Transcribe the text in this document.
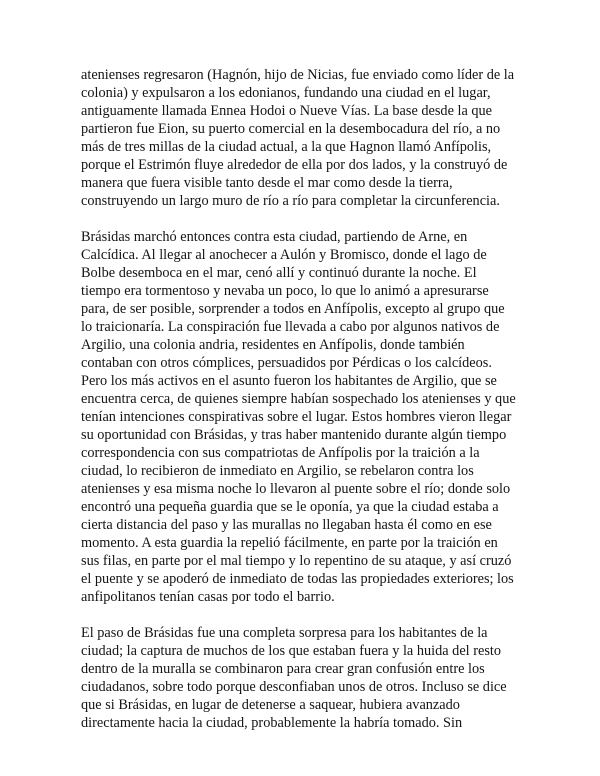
atenienses regresaron (Hagnón, hijo de Nicias, fue enviado como líder de la
colonia) y expulsaron a los edonianos, fundando una ciudad en el lugar,
antiguamente llamada Ennea Hodoi o Nueve Vías. La base desde la que
partieron fue Eion, su puerto comercial en la desembocadura del río, a no
más de tres millas de la ciudad actual, a la que Hagnon llamó Anfípolis,
porque el Estrimón fluye alrededor de ella por dos lados, y la construyó de
manera que fuera visible tanto desde el mar como desde la tierra,
construyendo un largo muro de río a río para completar la circunferencia.
Brásidas marchó entonces contra esta ciudad, partiendo de Arne, en
Calcídica. Al llegar al anochecer a Aulón y Bromisco, donde el lago de
Bolbe desemboca en el mar, cenó allí y continuó durante la noche. El
tiempo era tormentoso y nevaba un poco, lo que lo animó a apresurarse
para, de ser posible, sorprender a todos en Anfípolis, excepto al grupo que
lo traicionaría. La conspiración fue llevada a cabo por algunos nativos de
Argilio, una colonia andria, residentes en Anfípolis, donde también
contaban con otros cómplices, persuadidos por Pérdicas o los calcídeos.
Pero los más activos en el asunto fueron los habitantes de Argilio, que se
encuentra cerca, de quienes siempre habían sospechado los atenienses y que
tenían intenciones conspirativas sobre el lugar. Estos hombres vieron llegar
su oportunidad con Brásidas, y tras haber mantenido durante algún tiempo
correspondencia con sus compatriotas de Anfípolis por la traición a la
ciudad, lo recibieron de inmediato en Argilio, se rebelaron contra los
atenienses y esa misma noche lo llevaron al puente sobre el río; donde solo
encontró una pequeña guardia que se le oponía, ya que la ciudad estaba a
cierta distancia del paso y las murallas no llegaban hasta él como en ese
momento. A esta guardia la repelió fácilmente, en parte por la traición en
sus filas, en parte por el mal tiempo y lo repentino de su ataque, y así cruzó
el puente y se apoderó de inmediato de todas las propiedades exteriores; los
anfipolitanos tenían casas por todo el barrio.
El paso de Brásidas fue una completa sorpresa para los habitantes de la
ciudad; la captura de muchos de los que estaban fuera y la huida del resto
dentro de la muralla se combinaron para crear gran confusión entre los
ciudadanos, sobre todo porque desconfiaban unos de otros. Incluso se dice
que si Brásidas, en lugar de detenerse a saquear, hubiera avanzado
directamente hacia la ciudad, probablemente la habría tomado. Sin
